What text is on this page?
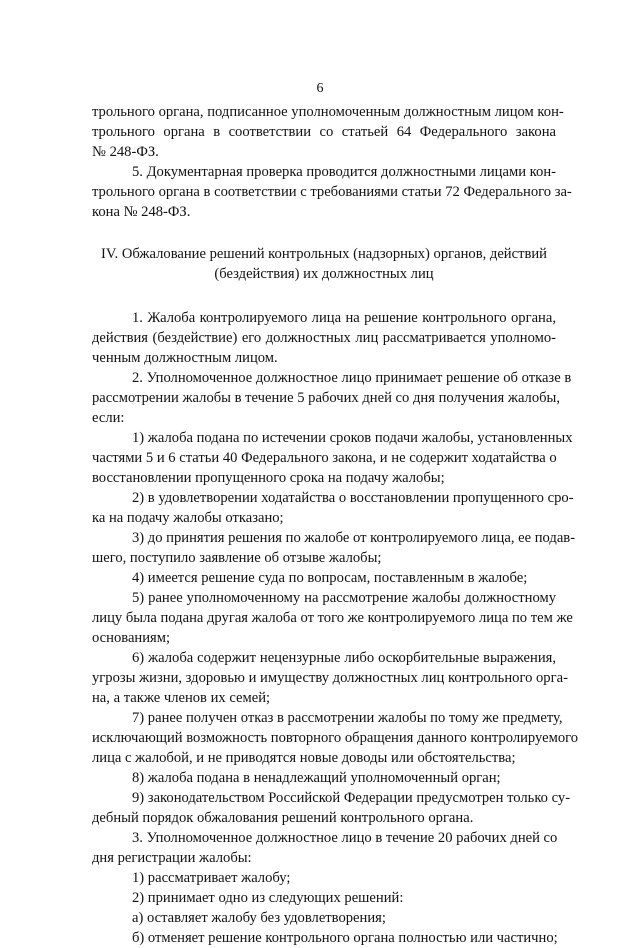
6
трольного органа, подписанное уполномоченным должностным лицом кон-
трольного органа в соответствии со статьей 64 Федерального закона
№ 248-ФЗ.
5. Документарная проверка проводится должностными лицами кон-
трольного органа в соответствии с требованиями статьи 72 Федерального за-
кона № 248-ФЗ.
IV. Обжалование решений контрольных (надзорных) органов, действий
(бездействия) их должностных лиц
1. Жалоба контролируемого лица на решение контрольного органа,
действия (бездействие) его должностных лиц рассматривается уполномо-
ченным должностным лицом.
2. Уполномоченное должностное лицо принимает решение об отказе в
рассмотрении жалобы в течение 5 рабочих дней со дня получения жалобы,
если:
1) жалоба подана по истечении сроков подачи жалобы, установленных
частями 5 и 6 статьи 40 Федерального закона, и не содержит ходатайства о
восстановлении пропущенного срока на подачу жалобы;
2) в удовлетворении ходатайства о восстановлении пропущенного сро-
ка на подачу жалобы отказано;
3) до принятия решения по жалобе от контролируемого лица, ее подав-
шего, поступило заявление об отзыве жалобы;
4) имеется решение суда по вопросам, поставленным в жалобе;
5) ранее уполномоченному на рассмотрение жалобы должностному
лицу была подана другая жалоба от того же контролируемого лица по тем же
основаниям;
6) жалоба содержит нецензурные либо оскорбительные выражения,
угрозы жизни, здоровью и имуществу должностных лиц контрольного орга-
на, а также членов их семей;
7) ранее получен отказ в рассмотрении жалобы по тому же предмету,
исключающий возможность повторного обращения данного контролируемого
лица с жалобой, и не приводятся новые доводы или обстоятельства;
8) жалоба подана в ненадлежащий уполномоченный орган;
9) законодательством Российской Федерации предусмотрен только су-
дебный порядок обжалования решений контрольного органа.
3. Уполномоченное должностное лицо в течение 20 рабочих дней со
дня регистрации жалобы:
1) рассматривает жалобу;
2) принимает одно из следующих решений:
а) оставляет жалобу без удовлетворения;
б) отменяет решение контрольного органа полностью или частично;
